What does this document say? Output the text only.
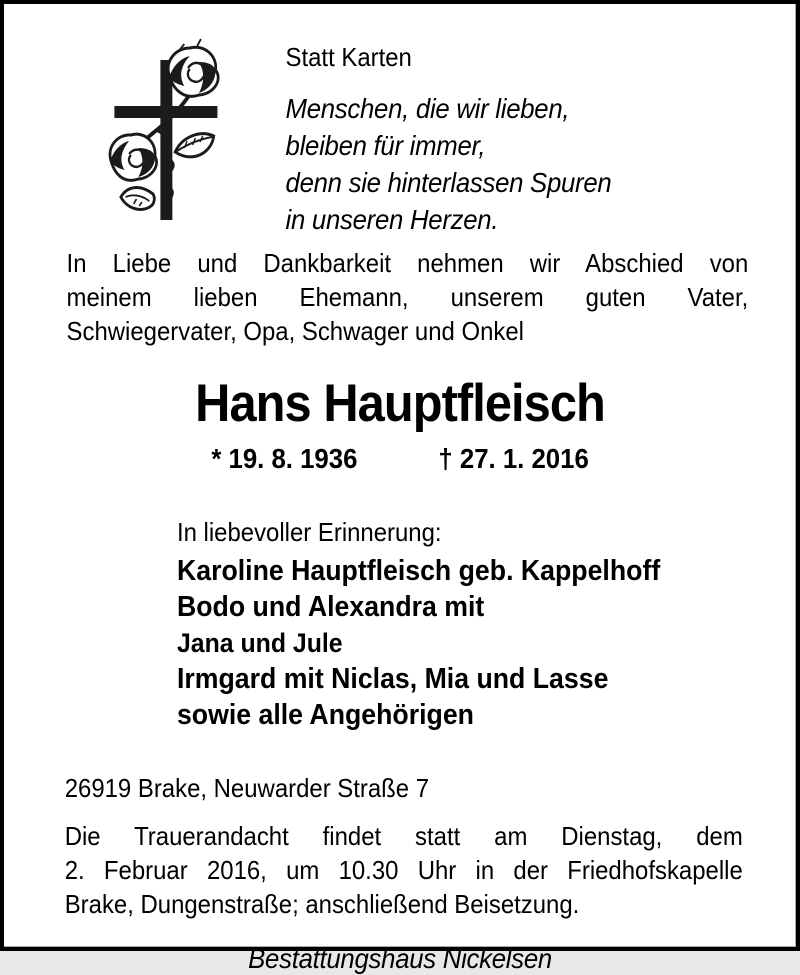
Statt Karten
Menschen, die wir lieben,
bleiben für immer,
denn sie hinterlassen Spuren
in unseren Herzen.
In Liebe und Dankbarkeit nehmen wir Abschied von
meinem lieben Ehemann, unserem guten Vater,
Schwiegervater, Opa, Schwager und Onkel
Hans Hauptfleisch
* 19. 8. 1936	† 27. 1. 2016
In liebevoller Erinnerung:
Karoline Hauptfleisch geb. Kappelhoff
Bodo und Alexandra mit
Jana und Jule
Irmgard mit Niclas, Mia und Lasse
sowie alle Angehörigen
26919 Brake, Neuwarder Straße 7
Die Trauerandacht findet statt am Dienstag, dem
2. Februar 2016, um 10.30 Uhr in der Friedhofskapelle
Brake, Dungenstraße; anschließend Beisetzung.
Bestattungshaus Nickelsen
